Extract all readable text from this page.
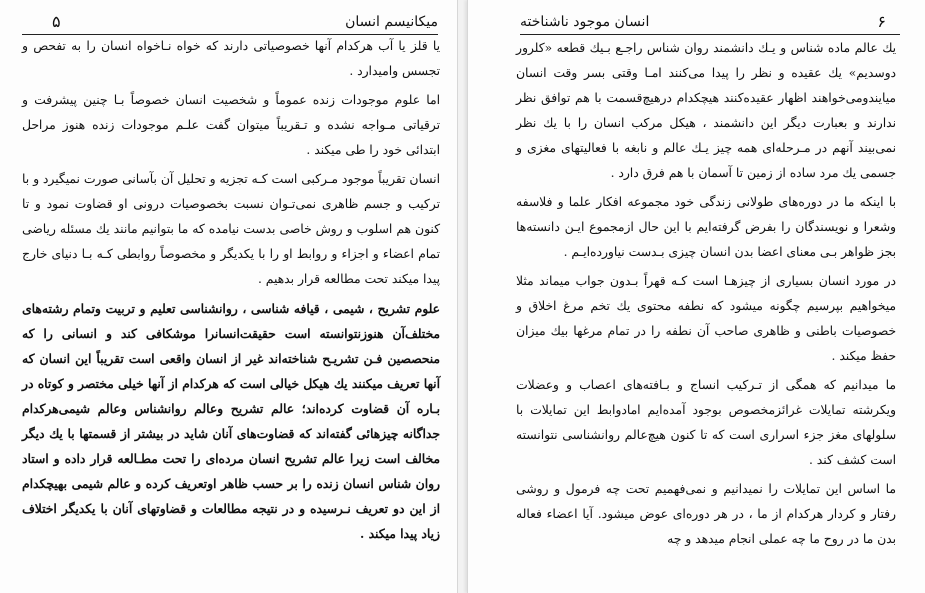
میکانیسم انسان
۵

یا قلز یا آب هرکدام آنها خصوصیاتی دارند که خواه نـاخواه انسان را به تفحص و تجسس وامیدارد .

اما علوم موجودات زنده عموماً و شخصیت انسان خصوصاً بـا چنین پیشرفت و ترقیاتی مـواجه نشده و تـقریباً میتوان گفت علـم موجودات زنده هنوز مراحل ابتدائی خود را طی میکند .

انسان تقریباً موجود مـرکبی است کـه تجزیه و تحلیل آن بآسانی صورت نمیگیرد و با ترکیب و جسم ظاهری نمی‌تـوان نسبت بخصوصیات درونی او قضاوت نمود و تا کنون هم اسلوب و روش خاصی بدست نیامده که ما بتوانیم مانند یك مسئله ریاضی تمام اعضاء و اجزاء و روابط او را با یکدیگر و مخصوصاً روابطی کـه بـا دنیای خارج پیدا میکند تحت مطالعه قرار بدهیم .

علوم تشریح ، شیمی ، قیافه شناسی ، روانشناسی تعلیم و تربیت وتمام رشته‌های مختلف‌آن هنوزنتوانسته است حقیقت‌انسانرا موشکافی کند و انسانی را که منحصصین فـن تشریـح شناخته‌اند غیر از انسان واقعی است تقریباً این انسان که آنها تعریف میکنند یك هیکل خیالی است که هرکدام از آنها خیلی مختصر و کوتاه در بـاره آن قضاوت کرده‌اند؛ عالم تشریح وعالم روانشناس وعالم شیمی‌هرکدام جداگانه چیزهائی گفته‌اند که قضاوت‌های آنان شاید در بیشتر از قسمتها با یك دیگر مخالف است زیرا عالم تشریح انسان مرده‌ای را تحت مطـالعه قرار داده و استاد روان شناس انسان زنده را بر حسب ظاهر اوتعریف کرده و عالم شیمی بهیچکدام از این دو تعریف نـرسیده و در نتیجه مطالعات و قضاوتهای آنان با یکدیگر اختلاف زیاد پیدا میکند .

انسان موجود ناشناخته	۶

یك عالم ماده شناس و یـك دانشمند روان شناس راجـع بـیك قطعه «کلرور دوسدیم» یك عقیده و نظر را پیدا می‌کنند امـا وقتی بسر وقت انسان میایندومی‌خواهند اظهار عقیده‌کنند هیچکدام درهیچ‌قسمت با هم توافق نظر ندارند و بعبارت دیگر این دانشمند ، هیکل مرکب انسان را با یك نظر نمی‌بیند آنهم در مـرحله‌ای همه چیز یـك عالم و نابغه با فعالیتهای مغزی و جسمی یك مرد ساده از زمین تا آسمان با هم فرق دارد .

با اینکه ما در دوره‌های طولانی زندگی خود مجموعه افکار علما و فلاسفه وشعرا و نویسندگان را بفرض گرفته‌ایم با این حال ازمجموع ایـن دانسته‌ها بجز ظواهر بـی معنای اعضا بدن انسان چیزی بـدست نیاورده‌ایـم .

در مورد انسان بسیاری از چیزهـا است کـه قهراً بـدون جواب میماند مثلا میخواهیم بپرسیم چگونه میشود که نطفه محتوی یك تخم مرغ اخلاق و خصوصیات باطنی و ظاهری صاحب آن نطفه را در تمام مرغها بیك میزان حفظ میکند .

ما میدانیم که همگی از تـرکیب انساج و بـافته‌های اعصاب و وعضلات ویکرشته تمایلات غرائزمخصوص بوجود آمده‌ایم امادوابط این تمایلات با سلولهای مغز جزء اسراری است که تا کنون هیچ‌عالم روانشناسی نتوانسته است کشف کند .

ما اساس این تمایلات را نمیدانیم و نمی‌فهمیم تحت چه فرمول و روشی رفتار و کردار هرکدام از ما ، در هر دوره‌ای عوض میشود. آیا اعضاء فعاله بدن ما در روح ما چه عملی انجام میدهد و چه
